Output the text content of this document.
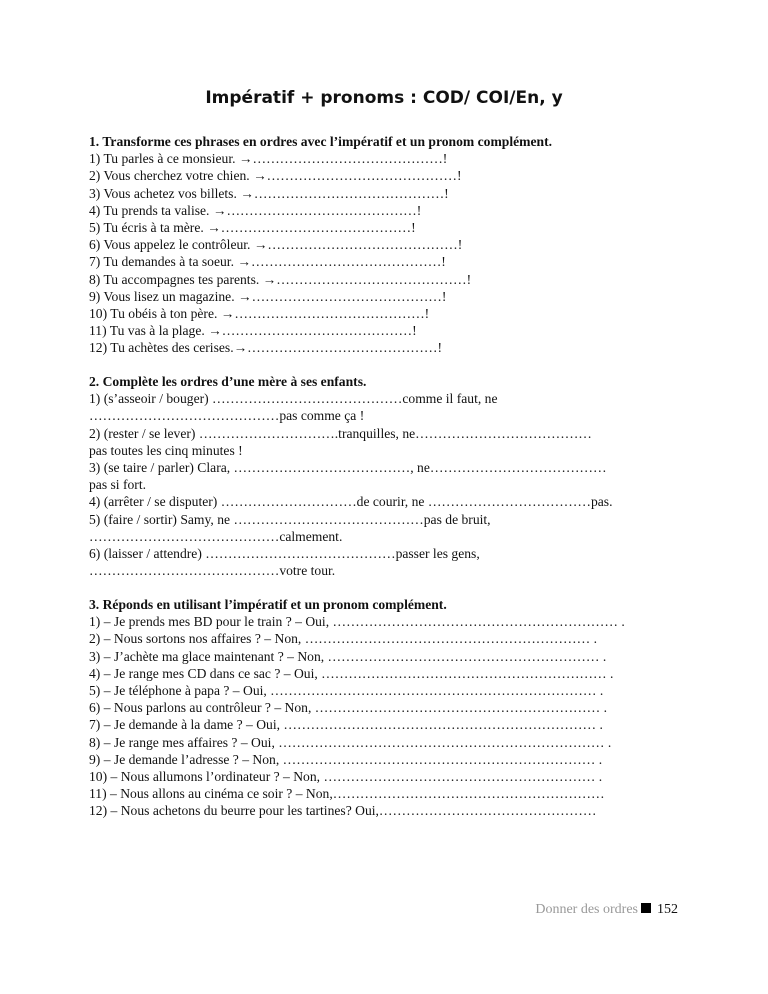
Impératif + pronoms : COD/ COI/En, y
1. Transforme ces phrases en ordres avec l’impératif et un pronom complément.
1) Tu parles à ce monsieur. →……………………………………!
2) Vous cherchez votre chien. →……………………………………!
3) Vous achetez vos billets. →……………………………………!
4) Tu prends ta valise. →……………………………………!
5) Tu écris à ta mère. →……………………………………!
6) Vous appelez le contrôleur. →……………………………………!
7) Tu demandes à ta soeur. →……………………………………!
8) Tu accompagnes tes parents. →……………………………………!
9) Vous lisez un magazine. →……………………………………!
10) Tu obéis à ton père. →……………………………………!
11) Tu vas à la plage. →……………………………………!
12) Tu achètes des cerises.→……………………………………!
2. Complète les ordres d’une mère à ses enfants.
1) (s’asseoir / bouger) ……………………………………comme il faut, ne
……………………………………pas comme ça !
2) (rester / se lever) ………………………….tranquilles, ne…………………………………
pas toutes les cinq minutes !
3) (se taire / parler) Clara, …………………………………, ne…………………………………
pas si fort.
4) (arrêter / se disputer) …………………………de courir, ne ………………………………pas.
5) (faire / sortir) Samy, ne ……………………………………pas de bruit,
……………………………………calmement.
6) (laisser / attendre) ……………………………………passer les gens,
……………………………………votre tour.
3. Réponds en utilisant l’impératif et un pronom complément.
1) – Je prends mes BD pour le train ? – Oui, ……………………………………………………… .
2) – Nous sortons nos affaires ? – Non, ……………………………………………………… .
3) – J’achète ma glace maintenant ? – Non, …………………………………………………… .
4) – Je range mes CD dans ce sac ? – Oui, ……………………………………………………… .
5) – Je téléphone à papa ? – Oui, ……………………………………………………………… .
6) – Nous parlons au contrôleur ? – Non, ……………………………………………………… .
7) – Je demande à la dame ? – Oui, …………………………………………………………… .
8) – Je range mes affaires ? – Oui, ……………………………………………………………… .
9) – Je demande l’adresse ? – Non, …………………………………………………………… .
10) – Nous allumons l’ordinateur ? – Non, …………………………………………………… .
11) – Nous allons au cinéma ce soir ? – Non,……………………………………………………
12) – Nous achetons du beurre pour les tartines? Oui,…………………………………………
Donner des ordres 152
